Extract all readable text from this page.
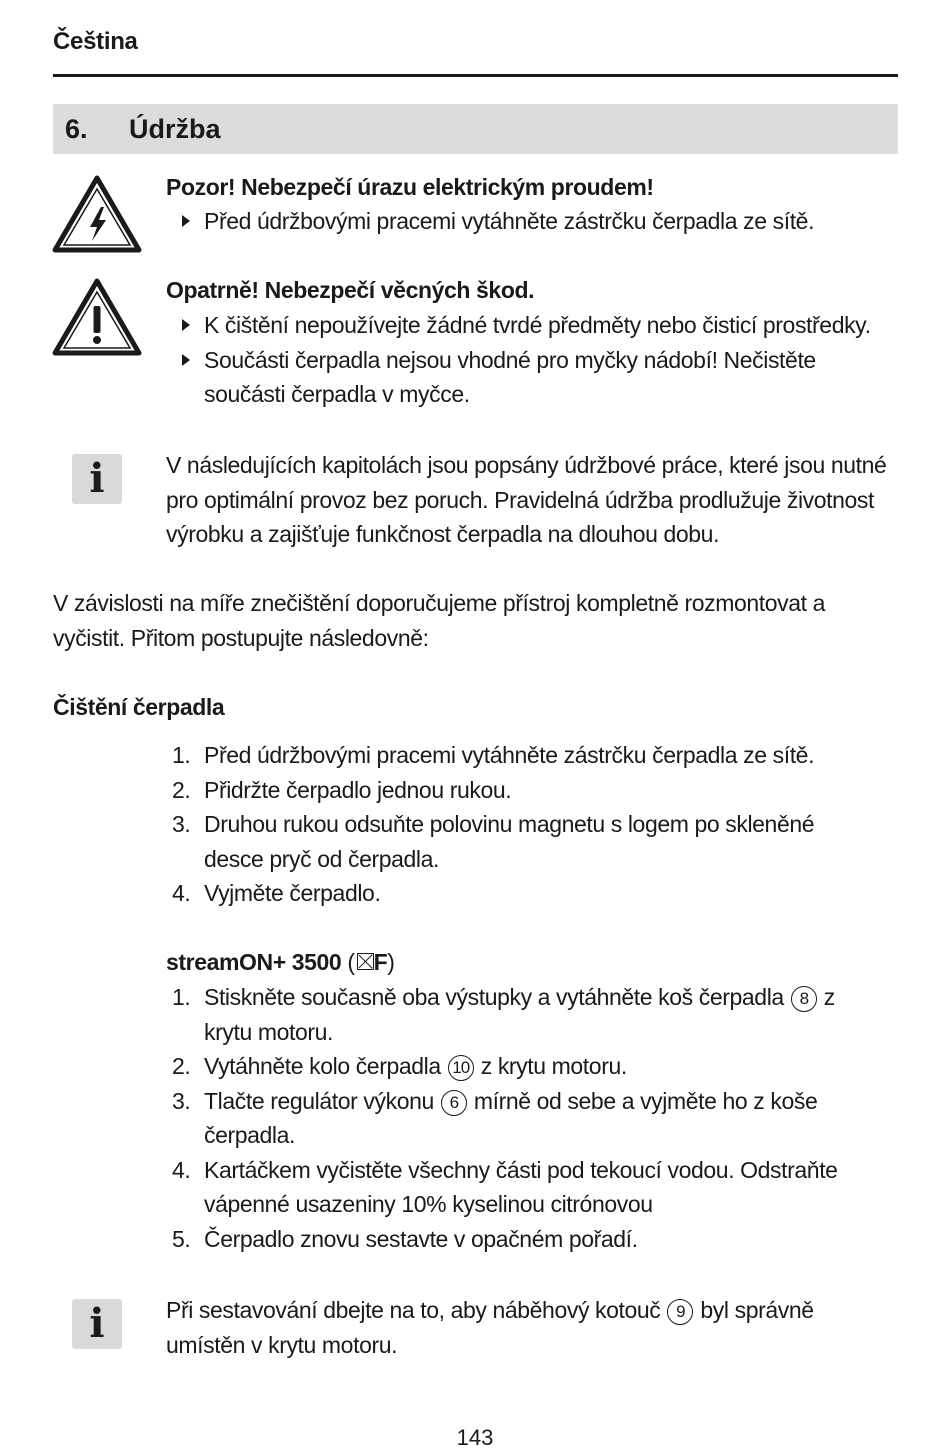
Čeština
6. Údržba
Pozor! Nebezpečí úrazu elektrickým proudem!
Před údržbovými pracemi vytáhněte zástrčku čerpadla ze sítě.
Opatrně! Nebezpečí věcných škod.
K čištění nepoužívejte žádné tvrdé předměty nebo čisticí prostředky.
Součásti čerpadla nejsou vhodné pro myčky nádobí! Nečistěte součásti čerpadla v myčce.
i	V následujících kapitolách jsou popsány údržbové práce, které jsou nutné pro optimální provoz bez poruch. Pravidelná údržba prodlužuje životnost výrobku a zajišťuje funkčnost čerpadla na dlouhou dobu.
V závislosti na míře znečištění doporučujeme přístroj kompletně rozmontovat a vyčistit. Přitom postupujte následovně:
Čištění čerpadla
1. Před údržbovými pracemi vytáhněte zástrčku čerpadla ze sítě.
2. Přidržte čerpadlo jednou rukou.
3. Druhou rukou odsuňte polovinu magnetu s logem po skleněné desce pryč od čerpadla.
4. Vyjměte čerpadlo.
streamON+ 3500 ( F)
1. Stiskněte současně oba výstupky a vytáhněte koš čerpadla 8 z krytu motoru.
2. Vytáhněte kolo čerpadla 10 z krytu motoru.
3. Tlačte regulátor výkonu 6 mírně od sebe a vyjměte ho z koše čerpadla.
4. Kartáčkem vyčistěte všechny části pod tekoucí vodou. Odstraňte vápenné usazeniny 10% kyselinou citrónovou
5. Čerpadlo znovu sestavte v opačném pořadí.
i	Při sestavování dbejte na to, aby náběhový kotouč 9 byl správně umístěn v krytu motoru.
143
